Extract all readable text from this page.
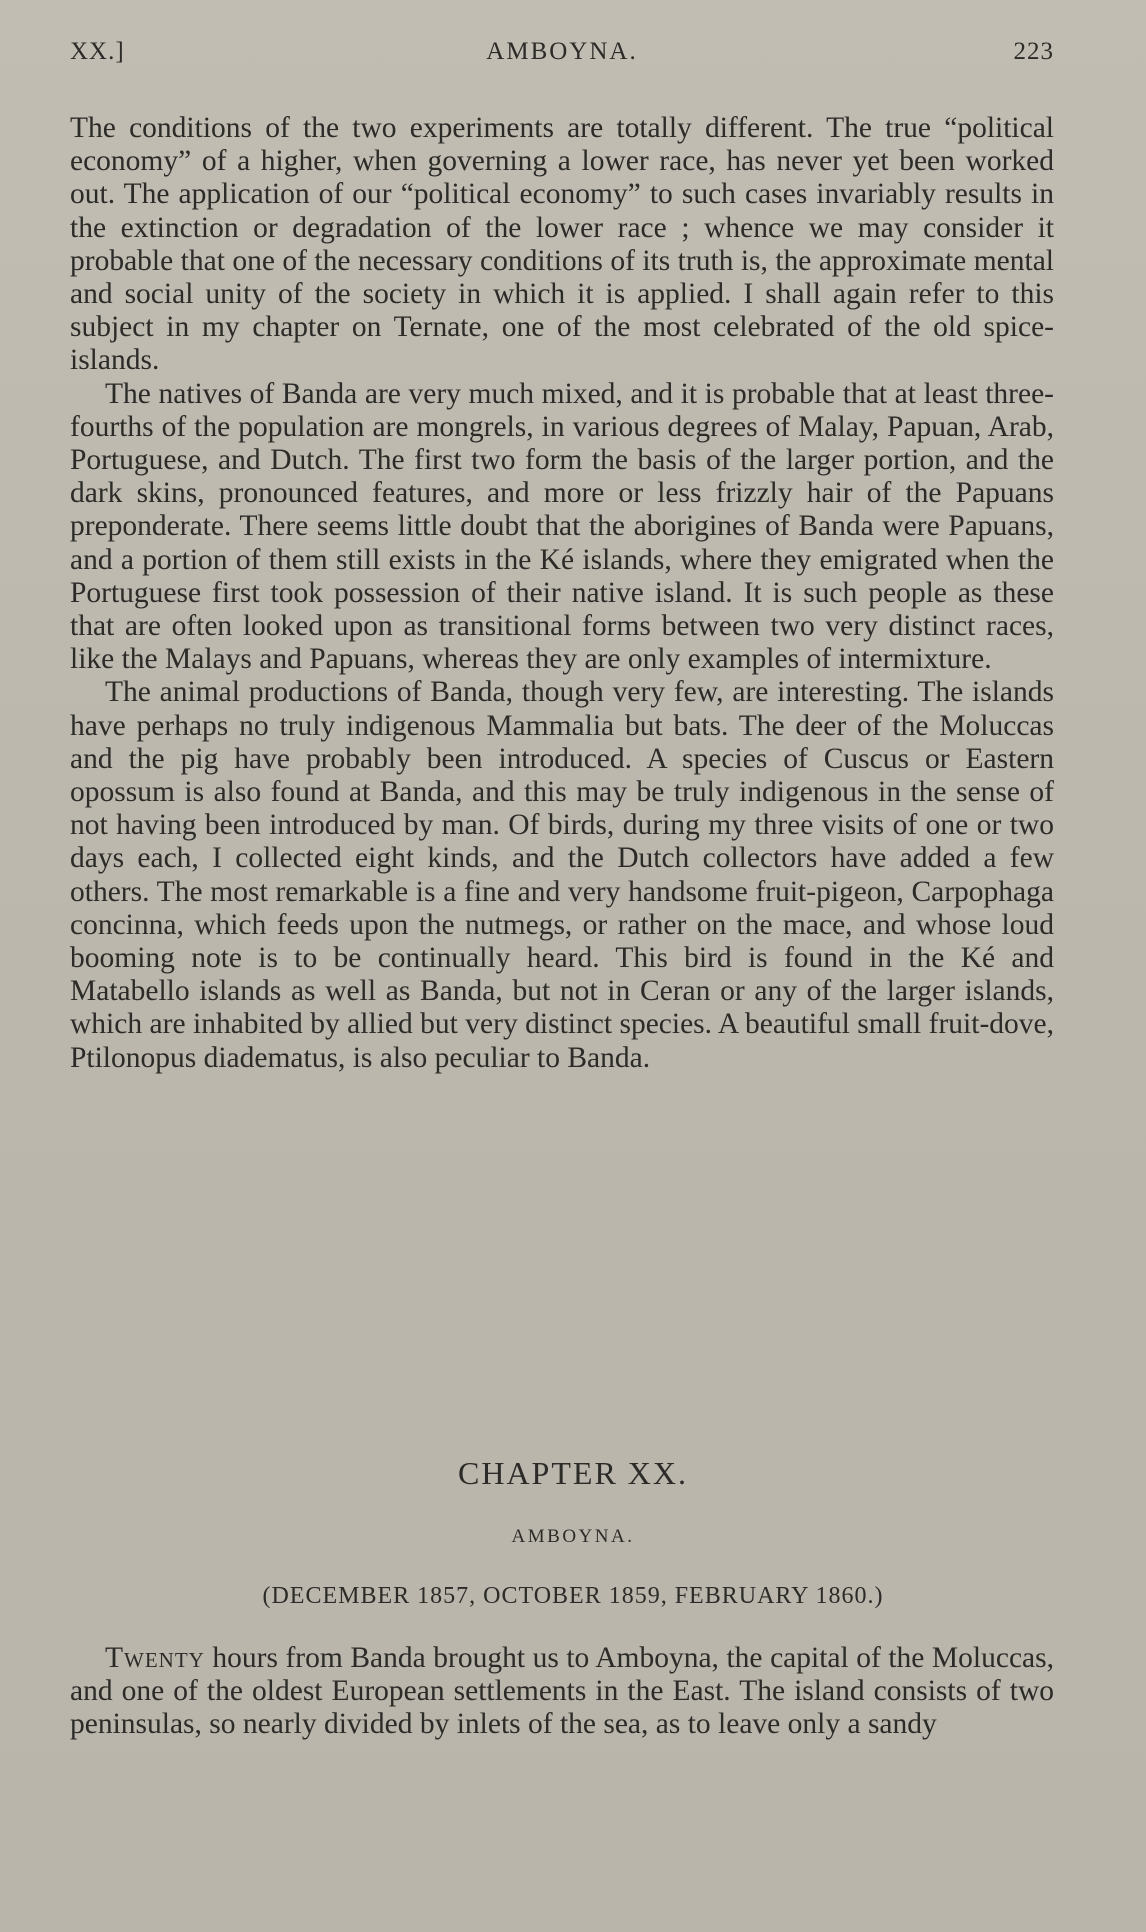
XX.]	AMBOYNA.	223

The conditions of the two experiments are totally different. The true “political economy” of a higher, when governing a lower race, has never yet been worked out. The application of our “political economy” to such cases invariably results in the extinction or degradation of the lower race ; whence we may consider it probable that one of the necessary conditions of its truth is, the approximate mental and social unity of the society in which it is applied. I shall again refer to this subject in my chapter on Ternate, one of the most celebrated of the old spice-islands.

The natives of Banda are very much mixed, and it is probable that at least three-fourths of the population are mongrels, in various degrees of Malay, Papuan, Arab, Portuguese, and Dutch. The first two form the basis of the larger portion, and the dark skins, pronounced features, and more or less frizzly hair of the Papuans preponderate. There seems little doubt that the aborigines of Banda were Papuans, and a portion of them still exists in the Ké islands, where they emigrated when the Portuguese first took possession of their native island. It is such people as these that are often looked upon as transitional forms between two very distinct races, like the Malays and Papuans, whereas they are only examples of intermixture.

The animal productions of Banda, though very few, are interesting. The islands have perhaps no truly indigenous Mammalia but bats. The deer of the Moluccas and the pig have probably been introduced. A species of Cuscus or Eastern opossum is also found at Banda, and this may be truly indigenous in the sense of not having been introduced by man. Of birds, during my three visits of one or two days each, I collected eight kinds, and the Dutch collectors have added a few others. The most remarkable is a fine and very handsome fruit-pigeon, Carpophaga concinna, which feeds upon the nutmegs, or rather on the mace, and whose loud booming note is to be continually heard. This bird is found in the Ké and Matabello islands as well as Banda, but not in Ceran or any of the larger islands, which are inhabited by allied but very distinct species. A beautiful small fruit-dove, Ptilonopus diadematus, is also peculiar to Banda.

CHAPTER XX.
AMBOYNA.
(DECEMBER 1857, OCTOBER 1859, FEBRUARY 1860.)

Twenty hours from Banda brought us to Amboyna, the capital of the Moluccas, and one of the oldest European settlements in the East. The island consists of two peninsulas, so nearly divided by inlets of the sea, as to leave only a sandy
